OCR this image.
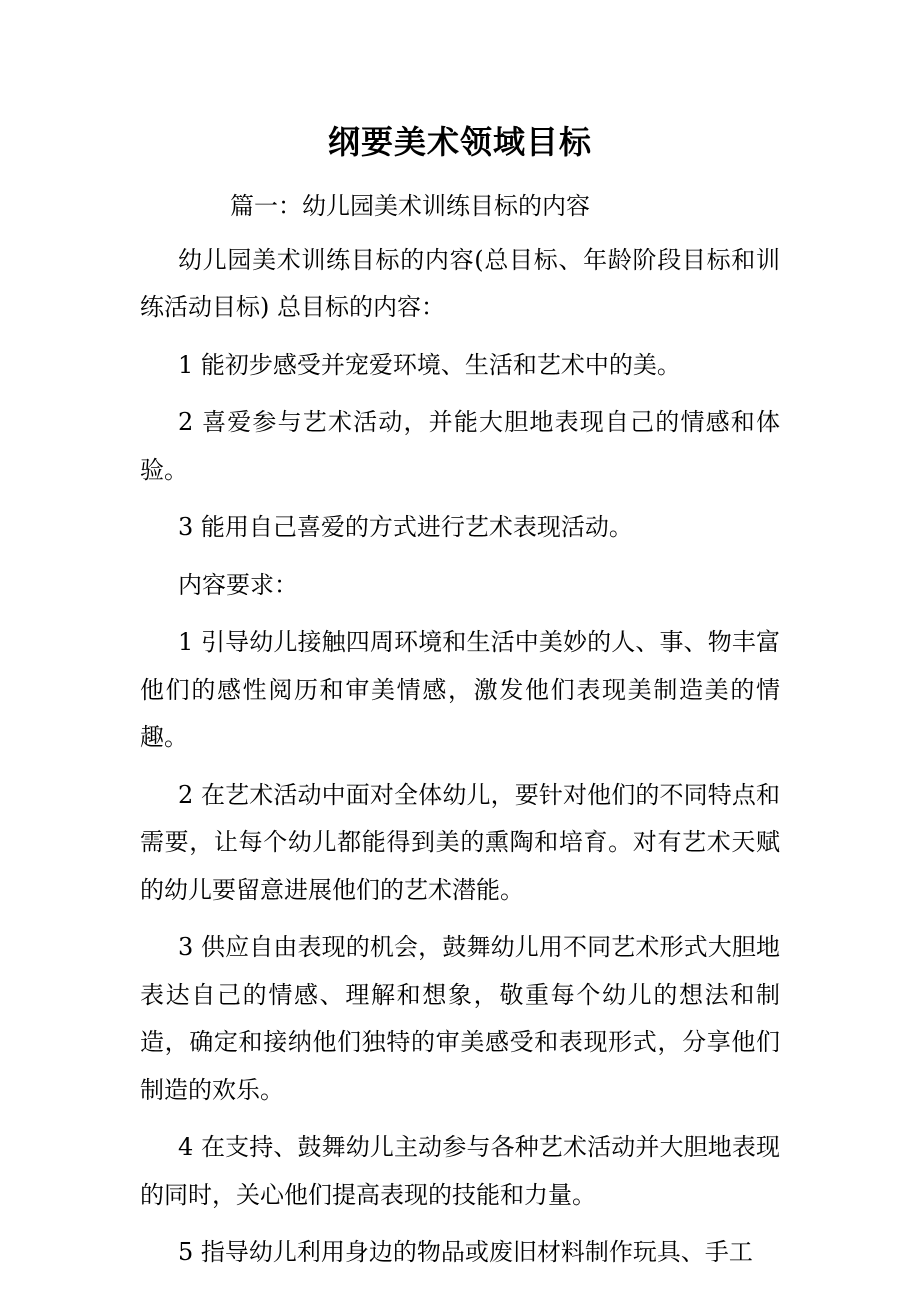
纲要美术领域目标

篇一：幼儿园美术训练目标的内容

幼儿园美术训练目标的内容(总目标、年龄阶段目标和训练活动目标) 总目标的内容：

1 能初步感受并宠爱环境、生活和艺术中的美。

2 喜爱参与艺术活动，并能大胆地表现自己的情感和体验。

3 能用自己喜爱的方式进行艺术表现活动。

内容要求：

1 引导幼儿接触四周环境和生活中美妙的人、事、物丰富他们的感性阅历和审美情感，激发他们表现美制造美的情趣。

2 在艺术活动中面对全体幼儿，要针对他们的不同特点和需要，让每个幼儿都能得到美的熏陶和培育。对有艺术天赋的幼儿要留意进展他们的艺术潜能。

3 供应自由表现的机会，鼓舞幼儿用不同艺术形式大胆地表达自己的情感、理解和想象，敬重每个幼儿的想法和制造，确定和接纳他们独特的审美感受和表现形式，分享他们制造的欢乐。

4 在支持、鼓舞幼儿主动参与各种艺术活动并大胆地表现的同时，关心他们提高表现的技能和力量。

5 指导幼儿利用身边的物品或废旧材料制作玩具、手工
